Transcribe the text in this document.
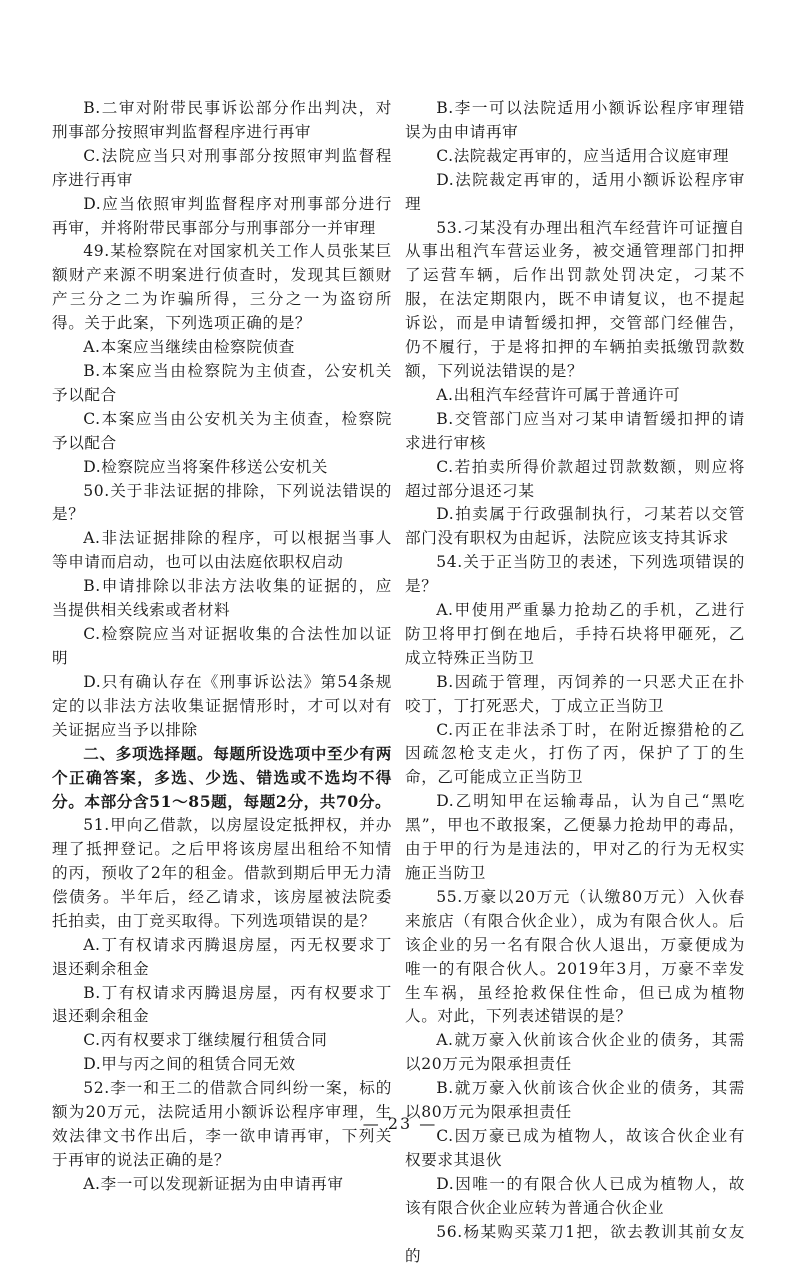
B.二审对附带民事诉讼部分作出判决，对刑事部分按照审判监督程序进行再审

C.法院应当只对刑事部分按照审判监督程序进行再审

D.应当依照审判监督程序对刑事部分进行再审，并将附带民事部分与刑事部分一并审理

49.某检察院在对国家机关工作人员张某巨额财产来源不明案进行侦查时，发现其巨额财产三分之二为诈骗所得，三分之一为盗窃所得。关于此案，下列选项正确的是？

A.本案应当继续由检察院侦查

B.本案应当由检察院为主侦查，公安机关予以配合

C.本案应当由公安机关为主侦查，检察院予以配合

D.检察院应当将案件移送公安机关

50.关于非法证据的排除，下列说法错误的是？

A.非法证据排除的程序，可以根据当事人等申请而启动，也可以由法庭依职权启动

B.申请排除以非法方法收集的证据的，应当提供相关线索或者材料

C.检察院应当对证据收集的合法性加以证明

D.只有确认存在《刑事诉讼法》第54条规定的以非法方法收集证据情形时，才可以对有关证据应当予以排除

二、多项选择题。每题所设选项中至少有两个正确答案，多选、少选、错选或不选均不得分。本部分含51～85题，每题2分，共70分。

51.甲向乙借款，以房屋设定抵押权，并办理了抵押登记。之后甲将该房屋出租给不知情的丙，预收了2年的租金。借款到期后甲无力清偿债务。半年后，经乙请求，该房屋被法院委托拍卖，由丁竞买取得。下列选项错误的是？

A.丁有权请求丙腾退房屋，丙无权要求丁退还剩余租金

B.丁有权请求丙腾退房屋，丙有权要求丁退还剩余租金

C.丙有权要求丁继续履行租赁合同

D.甲与丙之间的租赁合同无效

52.李一和王二的借款合同纠纷一案，标的额为20万元，法院适用小额诉讼程序审理，生效法律文书作出后，李一欲申请再审，下列关于再审的说法正确的是？

A.李一可以发现新证据为由申请再审

B.李一可以法院适用小额诉讼程序审理错误为由申请再审

C.法院裁定再审的，应当适用合议庭审理

D.法院裁定再审的，适用小额诉讼程序审理

53.刁某没有办理出租汽车经营许可证擅自从事出租汽车营运业务，被交通管理部门扣押了运营车辆，后作出罚款处罚决定，刁某不服，在法定期限内，既不申请复议，也不提起诉讼，而是申请暂缓扣押，交管部门经催告，仍不履行，于是将扣押的车辆拍卖抵缴罚款数额，下列说法错误的是？

A.出租汽车经营许可属于普通许可

B.交管部门应当对刁某申请暂缓扣押的请求进行审核

C.若拍卖所得价款超过罚款数额，则应将超过部分退还刁某

D.拍卖属于行政强制执行，刁某若以交管部门没有职权为由起诉，法院应该支持其诉求

54.关于正当防卫的表述，下列选项错误的是？

A.甲使用严重暴力抢劫乙的手机，乙进行防卫将甲打倒在地后，手持石块将甲砸死，乙成立特殊正当防卫

B.因疏于管理，丙饲养的一只恶犬正在扑咬丁，丁打死恶犬，丁成立正当防卫

C.丙正在非法杀丁时，在附近擦猎枪的乙因疏忽枪支走火，打伤了丙，保护了丁的生命，乙可能成立正当防卫

D.乙明知甲在运输毒品，认为自己“黑吃黑”，甲也不敢报案，乙便暴力抢劫甲的毒品，由于甲的行为是违法的，甲对乙的行为无权实施正当防卫

55.万豪以20万元（认缴80万元）入伙春来旅店（有限合伙企业），成为有限合伙人。后该企业的另一名有限合伙人退出，万豪便成为唯一的有限合伙人。2019年3月，万豪不幸发生车祸，虽经抢救保住性命，但已成为植物人。对此，下列表述错误的是？

A.就万豪入伙前该合伙企业的债务，其需以20万元为限承担责任

B.就万豪入伙前该合伙企业的债务，其需以80万元为限承担责任

C.因万豪已成为植物人，故该合伙企业有权要求其退伙

D.因唯一的有限合伙人已成为植物人，故该有限合伙企业应转为普通合伙企业

56.杨某购买菜刀1把，欲去教训其前女友的

— 23 —
